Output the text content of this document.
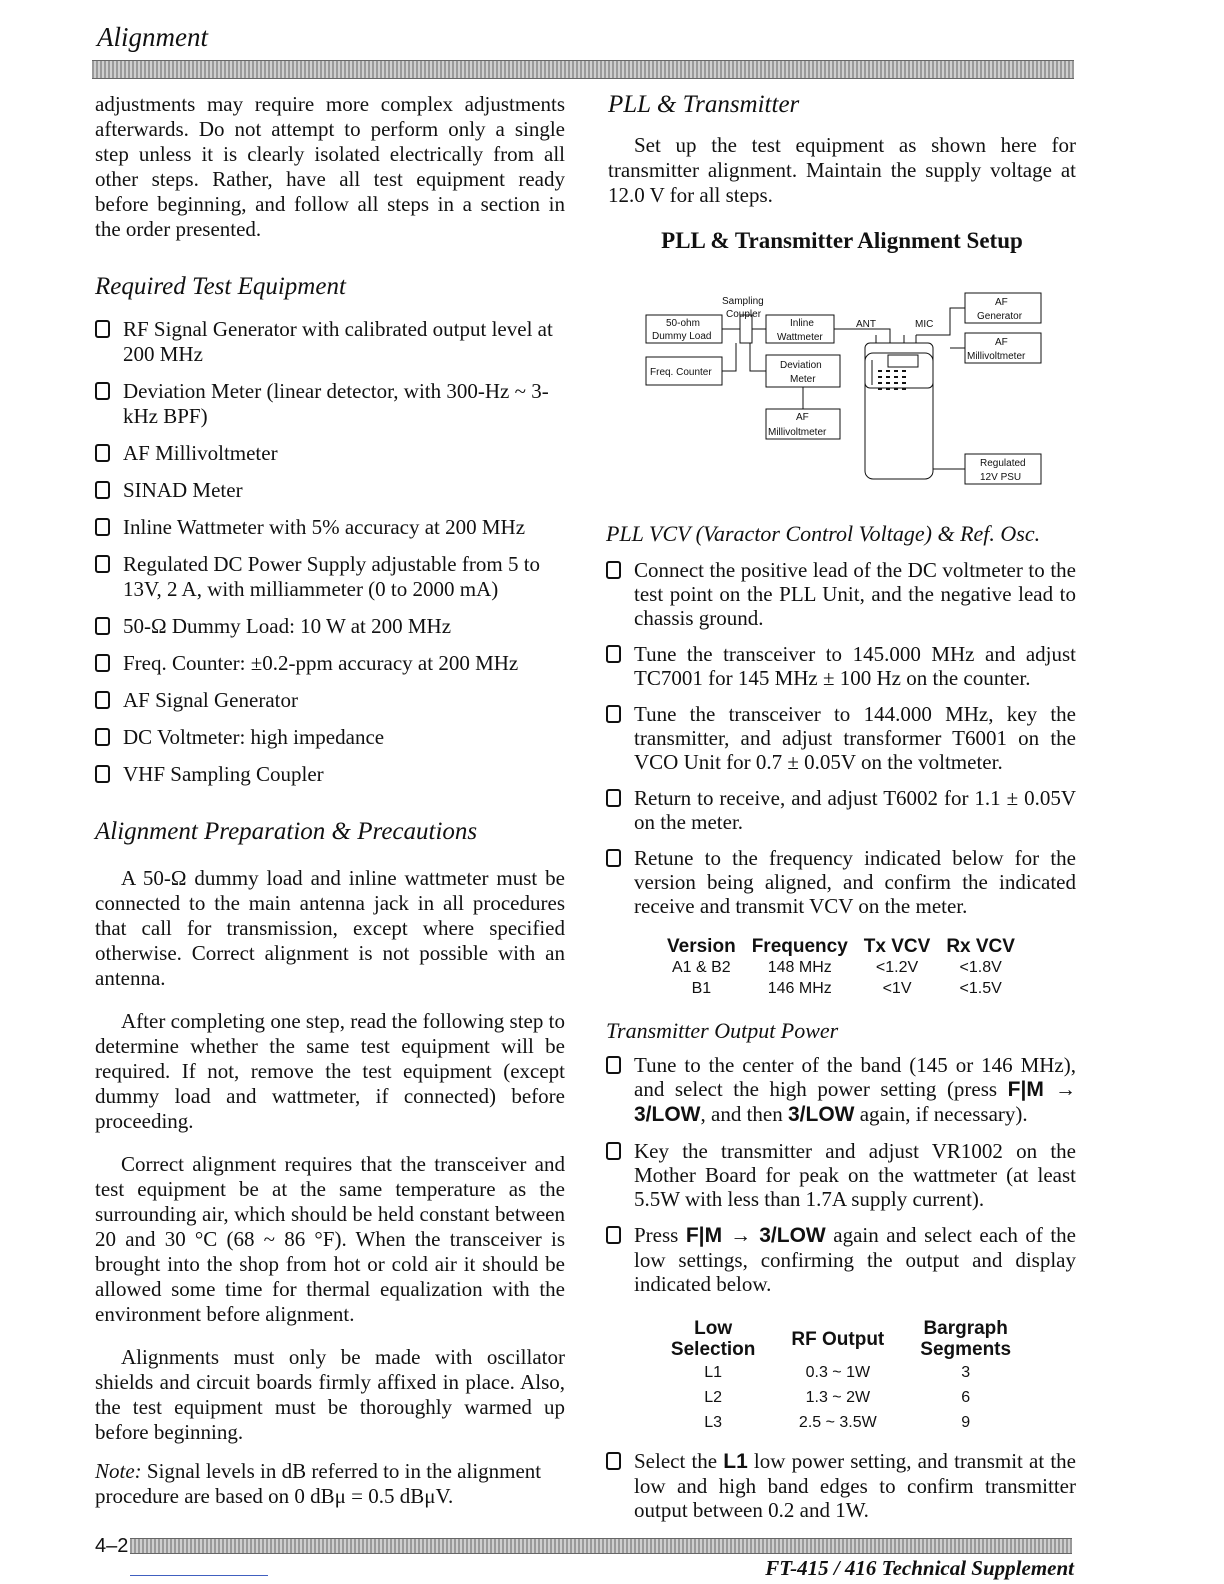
Alignment

adjustments may require more complex adjustments afterwards. Do not attempt to perform only a single step unless it is clearly isolated electrically from all other steps. Rather, have all test equipment ready before beginning, and follow all steps in a section in the order presented.

Required Test Equipment

RF Signal Generator with calibrated output level at 200 MHz

Deviation Meter (linear detector, with 300-Hz ~ 3-kHz BPF)

AF Millivoltmeter

SINAD Meter

Inline Wattmeter with 5% accuracy at 200 MHz

Regulated DC Power Supply adjustable from 5 to 13V, 2 A, with milliammeter (0 to 2000 mA)

50-Ω Dummy Load: 10 W at 200 MHz

Freq. Counter: ±0.2-ppm accuracy at 200 MHz

AF Signal Generator

DC Voltmeter: high impedance

VHF Sampling Coupler

Alignment Preparation & Precautions

A 50-Ω dummy load and inline wattmeter must be connected to the main antenna jack in all procedures that call for transmission, except where specified otherwise. Correct alignment is not possible with an antenna.

After completing one step, read the following step to determine whether the same test equipment will be required. If not, remove the test equipment (except dummy load and wattmeter, if connected) before proceeding.

Correct alignment requires that the transceiver and test equipment be at the same temperature as the surrounding air, which should be held constant between 20 and 30 °C (68 ~ 86 °F). When the transceiver is brought into the shop from hot or cold air it should be allowed some time for thermal equalization with the environment before alignment.

Alignments must only be made with oscillator shields and circuit boards firmly affixed in place. Also, the test equipment must be thoroughly warmed up before beginning.

Note: Signal levels in dB referred to in the alignment procedure are based on 0 dBμ = 0.5 dBμV.

PLL & Transmitter

Set up the test equipment as shown here for transmitter alignment. Maintain the supply voltage at 12.0 V for all steps.

PLL & Transmitter Alignment Setup
Sampling
Coupler
50-ohm
Dummy Load
Inline
Wattmeter
ANT	MIC
AF
Generator
AF
Millivoltmeter
Freq. Counter
Deviation
Meter
AF
Millivoltmeter
Regulated
12V PSU
PLL VCV (Varactor Control Voltage) & Ref. Osc.

Connect the positive lead of the DC voltmeter to the test point on the PLL Unit, and the negative lead to chassis ground.

Tune the transceiver to 145.000 MHz and adjust TC7001 for 145 MHz ± 100 Hz on the counter.

Tune the transceiver to 144.000 MHz, key the transmitter, and adjust transformer T6001 on the VCO Unit for 0.7 ± 0.05V on the voltmeter.

Return to receive, and adjust T6002 for 1.1 ± 0.05V on the meter.

Retune to the frequency indicated below for the version being aligned, and confirm the indicated receive and transmit VCV on the meter.

Version	Frequency	Tx VCV	Rx VCV
A1 & B2	148 MHz	<1.2V	<1.8V
B1	146 MHz	<1V	<1.5V
Transmitter Output Power

Tune to the center of the band (145 or 146 MHz), and select the high power setting (press F|M → 3/LOW, and then 3/LOW again, if necessary).

Key the transmitter and adjust VR1002 on the Mother Board for peak on the wattmeter (at least 5.5W with less than 1.7A supply current).

Press F|M → 3/LOW again and select each of the low settings, confirming the output and display indicated below.

Low
Selection	RF Output	Bargraph
Segments
L1	0.3 ~ 1W	3
L2	1.3 ~ 2W	6
L3	2.5 ~ 3.5W	9

Select the L1 low power setting, and transmit at the low and high band edges to confirm transmitter output between 0.2 and 1W.

4–2
FT-415 / 416 Technical Supplement
